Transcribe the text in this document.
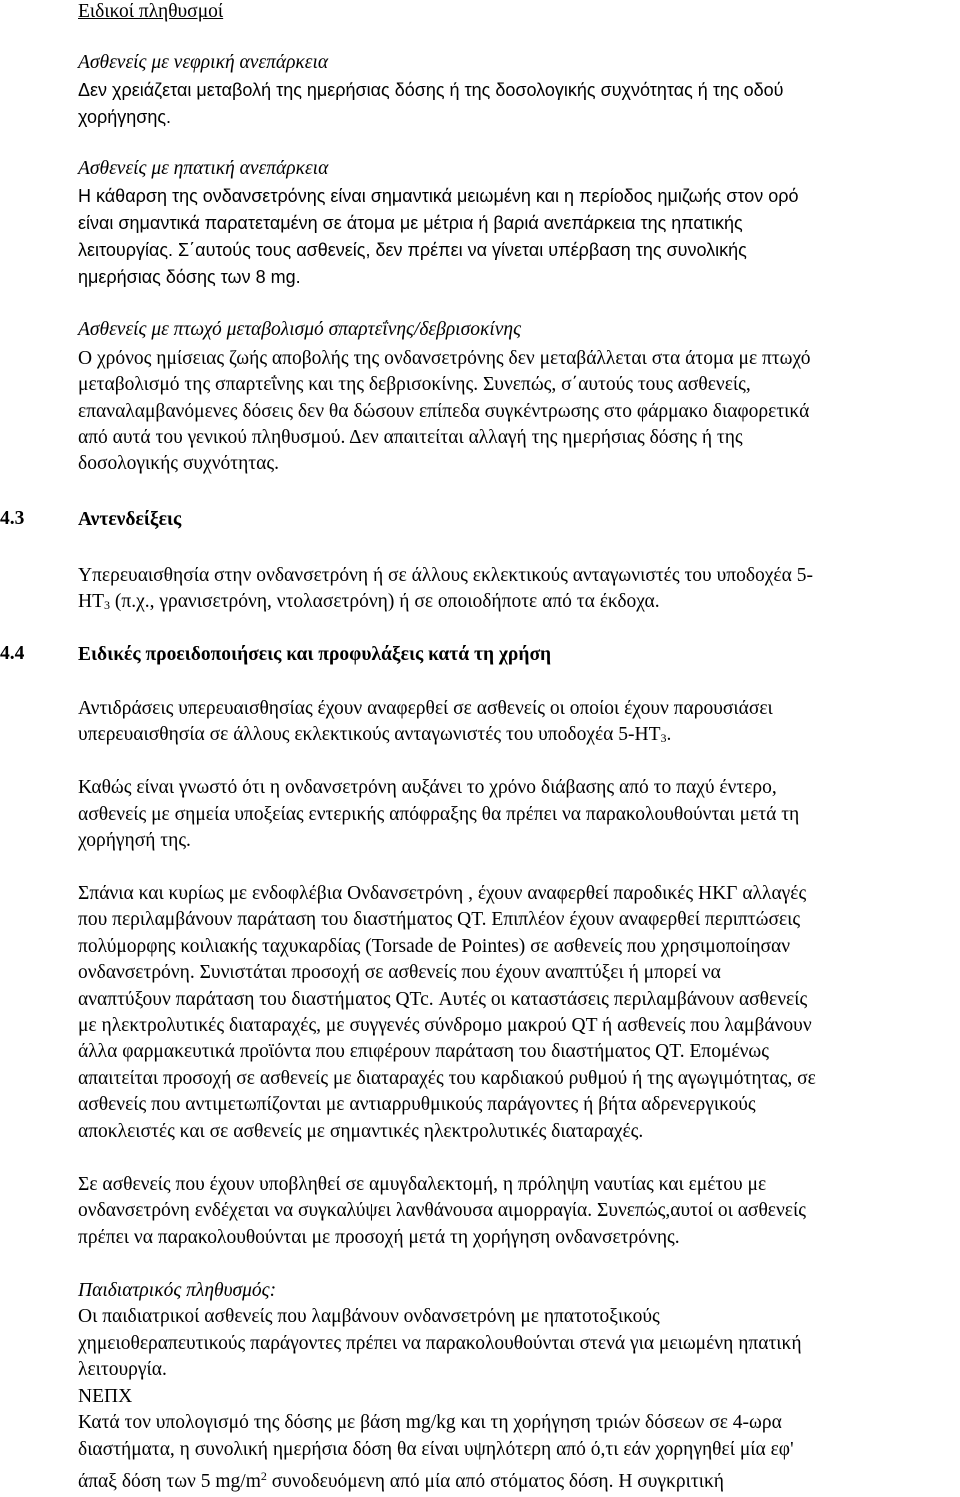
Ειδικοί πληθυσμοί
Ασθενείς με νεφρική ανεπάρκεια
Δεν χρειάζεται μεταβολή της ημερήσιας δόσης ή της δοσολογικής συχνότητας ή της οδού
χορήγησης.
Ασθενείς με ηπατική ανεπάρκεια
Η κάθαρση της ονδανσετρόνης είναι σημαντικά μειωμένη και η περίοδος ημιζωής στον ορό
είναι σημαντικά παρατεταμένη σε άτομα με μέτρια ή βαριά ανεπάρκεια της ηπατικής
λειτουργίας. Σ΄αυτούς τους ασθενείς, δεν πρέπει να γίνεται υπέρβαση της συνολικής
ημερήσιας δόσης των 8 mg.
Ασθενείς με πτωχό μεταβολισμό σπαρτεΐνης/δεβρισοκίνης
Ο χρόνος ημίσειας ζωής αποβολής της ονδανσετρόνης δεν μεταβάλλεται στα άτομα με πτωχό
μεταβολισμό της σπαρτεΐνης και της δεβρισοκίνης. Συνεπώς, σ΄αυτούς τους ασθενείς,
επαναλαμβανόμενες δόσεις δεν θα δώσουν επίπεδα συγκέντρωσης στο φάρμακο διαφορετικά
από αυτά του γενικού πληθυσμού. Δεν απαιτείται αλλαγή της ημερήσιας δόσης ή της
δοσολογικής συχνότητας.
4.3	Αντενδείξεις
Υπερευαισθησία στην ονδανσετρόνη ή σε άλλους εκλεκτικούς ανταγωνιστές του υποδοχέα 5-
$HT_3$ (π.χ., γρανισετρόνη, ντολασετρόνη) ή σε οποιοδήποτε από τα έκδοχα.
4.4	Ειδικές προειδοποιήσεις και προφυλάξεις κατά τη χρήση
Αντιδράσεις υπερευαισθησίας έχουν αναφερθεί σε ασθενείς οι οποίοι έχουν παρουσιάσει
υπερευαισθησία σε άλλους εκλεκτικούς ανταγωνιστές του υποδοχέα $5-HT_3$.
Καθώς είναι γνωστό ότι η ονδανσετρόνη αυξάνει το χρόνο διάβασης από το παχύ έντερο,
ασθενείς με σημεία υποξείας εντερικής απόφραξης θα πρέπει να παρακολουθούνται μετά τη
χορήγησή της.
Σπάνια και κυρίως με ενδοφλέβια Ονδανσετρόνη , έχουν αναφερθεί παροδικές ΗΚΓ αλλαγές
που περιλαμβάνουν παράταση του διαστήματος QT. Επιπλέον έχουν αναφερθεί περιπτώσεις
πολύμορφης κοιλιακής ταχυκαρδίας (Torsade de Pointes) σε ασθενείς που χρησιμοποίησαν
ονδανσετρόνη. Συνιστάται προσοχή σε ασθενείς που έχουν αναπτύξει ή μπορεί να
αναπτύξουν παράταση του διαστήματος QTc. Αυτές οι καταστάσεις περιλαμβάνουν ασθενείς
με ηλεκτρολυτικές διαταραχές, με συγγενές σύνδρομο μακρού QT ή ασθενείς που λαμβάνουν
άλλα φαρμακευτικά προϊόντα που επιφέρουν παράταση του διαστήματος QT. Επομένως
απαιτείται προσοχή σε ασθενείς με διαταραχές του καρδιακού ρυθμού ή της αγωγιμότητας, σε
ασθενείς που αντιμετωπίζονται με αντιαρρυθμικούς παράγοντες ή βήτα αδρενεργικούς
αποκλειστές και σε ασθενείς με σημαντικές ηλεκτρολυτικές διαταραχές.
Σε ασθενείς που έχουν υποβληθεί σε αμυγδαλεκτομή, η πρόληψη ναυτίας και εμέτου με
ονδανσετρόνη ενδέχεται να συγκαλύψει λανθάνουσα αιμορραγία. Συνεπώς,αυτοί οι ασθενείς
πρέπει να παρακολουθούνται με προσοχή μετά τη χορήγηση ονδανσετρόνης.
Παιδιατρικός πληθυσμός:
Οι παιδιατρικοί ασθενείς που λαμβάνουν ονδανσετρόνη με ηπατοτοξικούς
χημειοθεραπευτικούς παράγοντες πρέπει να παρακολουθούνται στενά για μειωμένη ηπατική
λειτουργία.
ΝΕΠΧ
Κατά τον υπολογισμό της δόσης με βάση mg/kg και τη χορήγηση τριών δόσεων σε 4-ωρα
διαστήματα, η συνολική ημερήσια δόση θα είναι υψηλότερη από ό,τι εάν χορηγηθεί μία εφ'
άπαξ δόση των 5 $mg/m^2$ συνοδευόμενη από μία από στόματος δόση. Η συγκριτική
